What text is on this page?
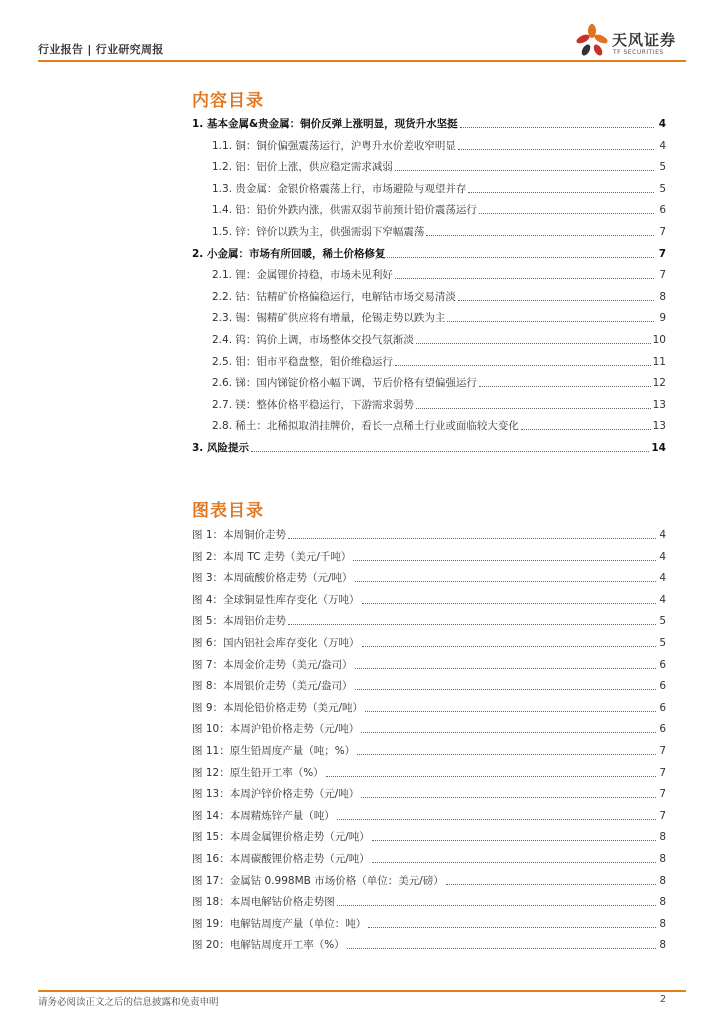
行业报告 | 行业研究周报
天风证券
TF SECURITIES
内容目录
1. 基本金属&贵金属：铜价反弹上涨明显，现货升水坚挺	4
1.1. 铜：铜价偏强震荡运行，沪粤升水价差收窄明显	4
1.2. 铝：铝价上涨，供应稳定需求减弱	5
1.3. 贵金属：金银价格震荡上行，市场避险与观望并存	5
1.4. 铅：铅价外跌内涨，供需双弱节前预计铅价震荡运行	6
1.5. 锌：锌价以跌为主，供强需弱下窄幅震荡	7
2. 小金属：市场有所回暖，稀土价格修复	7
2.1. 锂：金属锂价持稳，市场未见利好	7
2.2. 钴：钴精矿价格偏稳运行，电解钴市场交易清淡	8
2.3. 锡：锡精矿供应将有增量，伦锡走势以跌为主	9
2.4. 钨：钨价上调，市场整体交投气氛渐淡	10
2.5. 钼：钼市平稳盘整，钼价维稳运行	11
2.6. 锑：国内锑锭价格小幅下调，节后价格有望偏强运行	12
2.7. 镁：整体价格平稳运行，下游需求弱势	13
2.8. 稀土：北稀拟取消挂牌价，看长一点稀土行业或面临较大变化	13
3. 风险提示	14
图表目录
图 1：本周铜价走势	4
图 2：本周 TC 走势（美元/千吨）	4
图 3：本周硫酸价格走势（元/吨）	4
图 4：全球铜显性库存变化（万吨）	4
图 5：本周铝价走势	5
图 6：国内铝社会库存变化（万吨）	5
图 7：本周金价走势（美元/盎司）	6
图 8：本周银价走势（美元/盎司）	6
图 9：本周伦铅价格走势（美元/吨）	6
图 10：本周沪铅价格走势（元/吨）	6
图 11：原生铅周度产量（吨；%）	7
图 12：原生铅开工率（%）	7
图 13：本周沪锌价格走势（元/吨）	7
图 14：本周精炼锌产量（吨）	7
图 15：本周金属锂价格走势（元/吨）	8
图 16：本周碳酸锂价格走势（元/吨）	8
图 17：金属钴 0.998MB 市场价格（单位：美元/磅）	8
图 18：本周电解钴价格走势图	8
图 19：电解钴周度产量（单位：吨）	8
图 20：电解钴周度开工率（%）	8
请务必阅读正文之后的信息披露和免责申明	2
